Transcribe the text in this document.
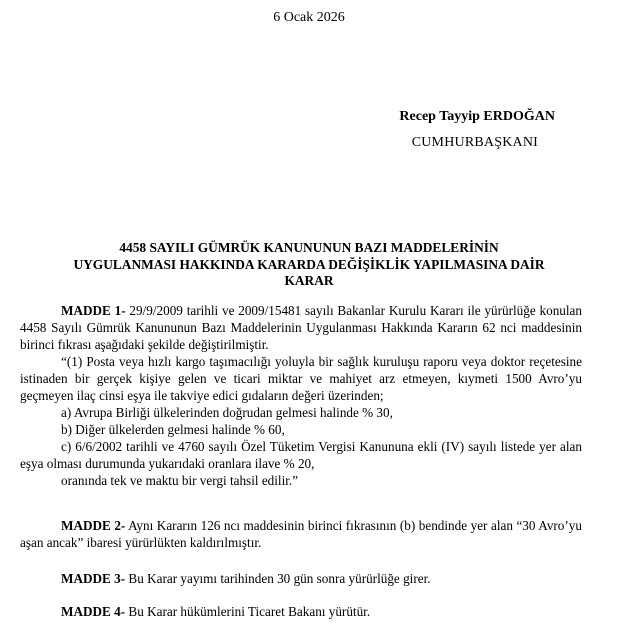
6 Ocak 2026
Recep Tayyip ERDOĞAN
CUMHURBAŞKANI
4458 SAYILI GÜMRÜK KANUNUNUN BAZI MADDELERİNİN
UYGULANMASI HAKKINDA KARARDA DEĞİŞİKLİK YAPILMASINA DAİR
KARAR

MADDE 1- 29/9/2009 tarihli ve 2009/15481 sayılı Bakanlar Kurulu Kararı ile yürürlüğe konulan 4458 Sayılı Gümrük Kanununun Bazı Maddelerinin Uygulanması Hakkında Kararın 62 nci maddesinin birinci fıkrası aşağıdaki şekilde değiştirilmiştir.

“(1) Posta veya hızlı kargo taşımacılığı yoluyla bir sağlık kuruluşu raporu veya doktor reçetesine istinaden bir gerçek kişiye gelen ve ticari miktar ve mahiyet arz etmeyen, kıymeti 1500 Avro’yu geçmeyen ilaç cinsi eşya ile takviye edici gıdaların değeri üzerinden;

a) Avrupa Birliği ülkelerinden doğrudan gelmesi halinde % 30,

b) Diğer ülkelerden gelmesi halinde % 60,

c) 6/6/2002 tarihli ve 4760 sayılı Özel Tüketim Vergisi Kanununa ekli (IV) sayılı listede yer alan eşya olması durumunda yukarıdaki oranlara ilave % 20,

oranında tek ve maktu bir vergi tahsil edilir.”

MADDE 2- Aynı Kararın 126 ncı maddesinin birinci fıkrasının (b) bendinde yer alan “30 Avro’yu aşan ancak” ibaresi yürürlükten kaldırılmıştır.

MADDE 3- Bu Karar yayımı tarihinden 30 gün sonra yürürlüğe girer.

MADDE 4- Bu Karar hükümlerini Ticaret Bakanı yürütür.
